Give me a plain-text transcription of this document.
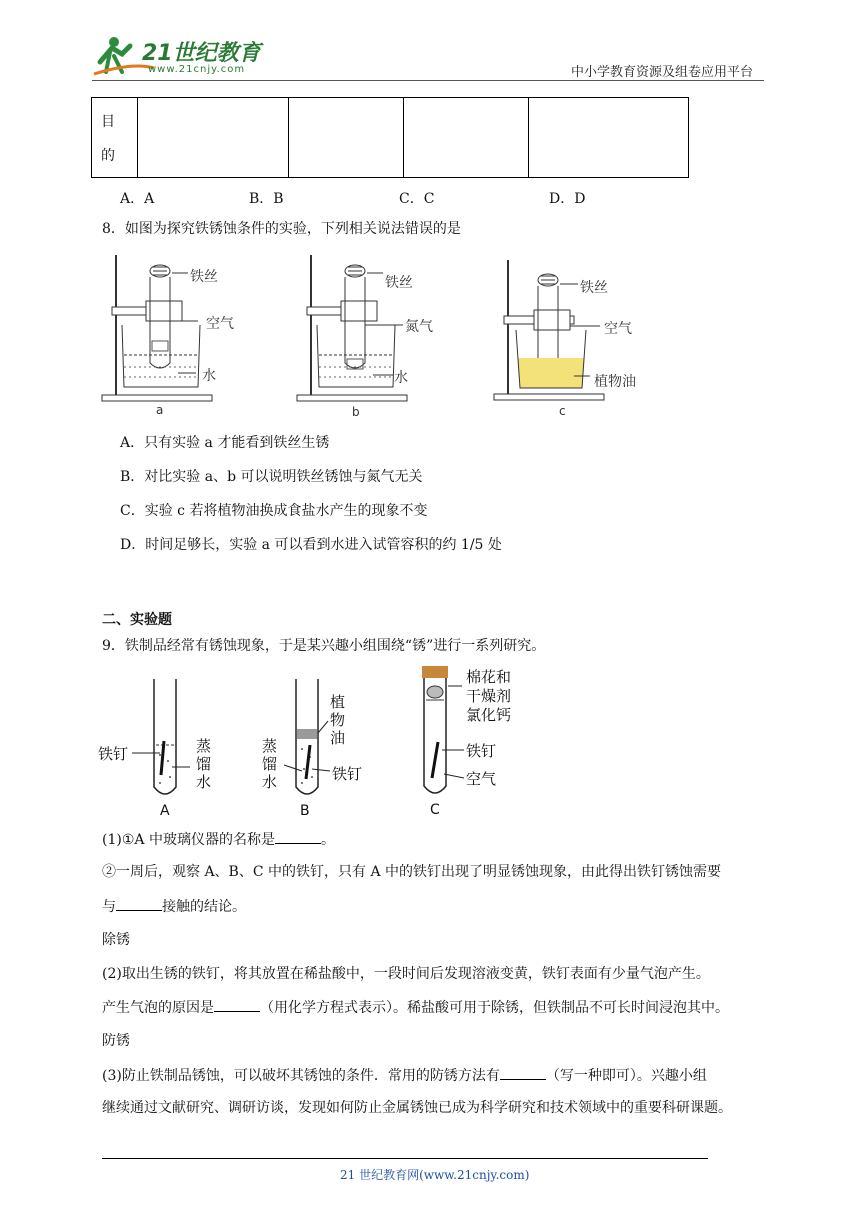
21世纪教育
www.21cnjy.com	中小学教育资源及组卷应用平台
目
的
A．A	B．B	C．C	D．D
8．如图为探究铁锈蚀条件的实验，下列相关说法错误的是
铁丝
空气
水
a
铁丝
氮气
水
b
铁丝
空气
植物油
c
A．只有实验 a 才能看到铁丝生锈
B．对比实验 a、b 可以说明铁丝锈蚀与氮气无关
C．实验 c 若将植物油换成食盐水产生的现象不变
D．时间足够长，实验 a 可以看到水进入试管容积的约 1/5 处
二、实验题
9．铁制品经常有锈蚀现象，于是某兴趣小组围绕“锈”进行一系列研究。
铁钉	蒸
馏
水
A
植
物
油
蒸
馏
水	铁钉
B
棉花和
干燥剂
氯化钙
铁钉
空气
C
(1)①A 中玻璃仪器的名称是	。
②一周后，观察 A、B、C 中的铁钉，只有 A 中的铁钉出现了明显锈蚀现象，由此得出铁钉锈蚀需要
与	接触的结论。
除锈
(2)取出生锈的铁钉，将其放置在稀盐酸中，一段时间后发现溶液变黄，铁钉表面有少量气泡产生。
产生气泡的原因是	（用化学方程式表示）。稀盐酸可用于除锈，但铁制品不可长时间浸泡其中。
防锈
(3)防止铁制品锈蚀，可以破坏其锈蚀的条件．常用的防锈方法有	（写一种即可）。兴趣小组
继续通过文献研究、调研访谈，发现如何防止金属锈蚀已成为科学研究和技术领域中的重要科研课题。
21 世纪教育网(www.21cnjy.com)
